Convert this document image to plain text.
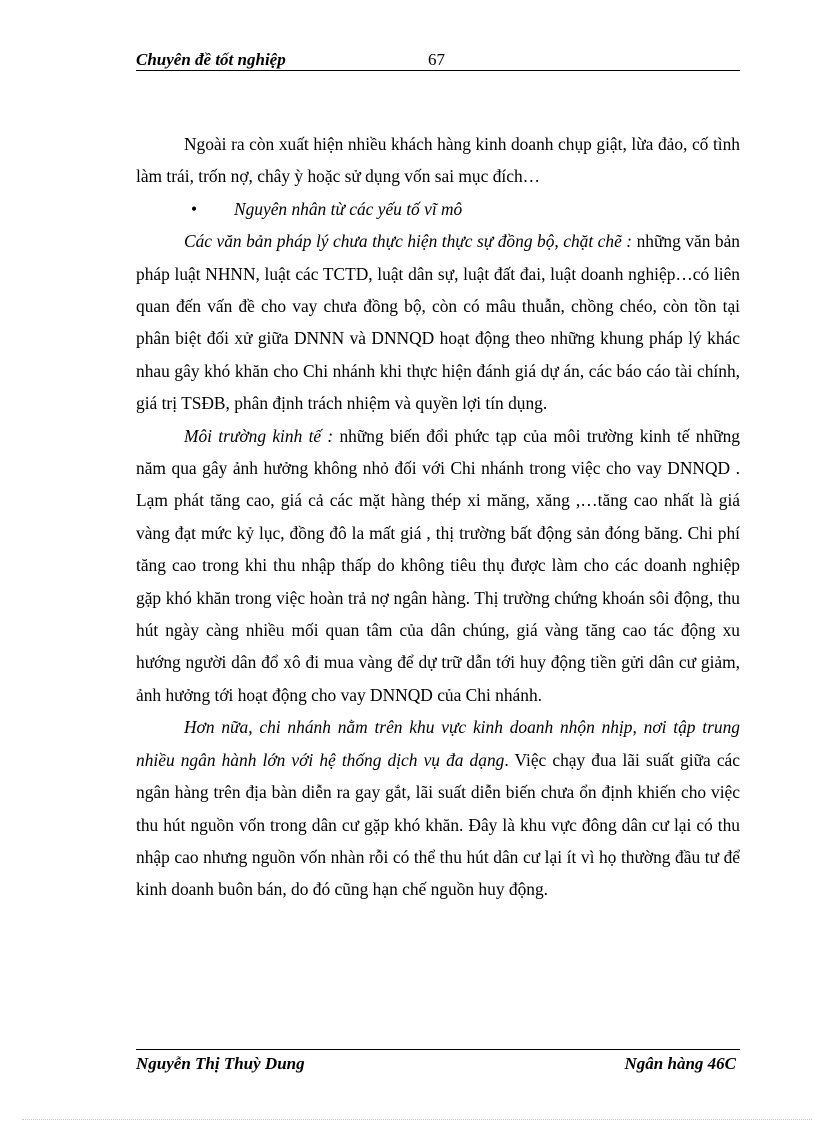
Chuyên đề tốt nghiệp	67

Ngoài ra còn xuất hiện nhiều khách hàng kinh doanh chụp giật, lừa đảo, cố tình làm trái, trốn nợ, chây ỳ hoặc sử dụng vốn sai mục đích…

• Nguyên nhân từ các yếu tố vĩ mô

Các văn bản pháp lý chưa thực hiện thực sự đồng bộ, chặt chẽ : những văn bản pháp luật NHNN, luật các TCTD, luật dân sự, luật đất đai, luật doanh nghiệp…có liên quan đến vấn đề cho vay chưa đồng bộ, còn có mâu thuẫn, chồng chéo, còn tồn tại phân biệt đối xử giữa DNNN và DNNQD hoạt động theo những khung pháp lý khác nhau gây khó khăn cho Chi nhánh khi thực hiện đánh giá dự án, các báo cáo tài chính, giá trị TSĐB, phân định trách nhiệm và quyền lợi tín dụng.

Môi trường kinh tế : những biến đổi phức tạp của môi trường kinh tế những năm qua gây ảnh hưởng không nhỏ đối với Chi nhánh trong việc cho vay DNNQD . Lạm phát tăng cao, giá cả các mặt hàng thép xi măng, xăng ,…tăng cao nhất là giá vàng đạt mức kỷ lục, đồng đô la mất giá , thị trường bất động sản đóng băng. Chi phí tăng cao trong khi thu nhập thấp do không tiêu thụ được làm cho các doanh nghiệp gặp khó khăn trong việc hoàn trả nợ ngân hàng. Thị trường chứng khoán sôi động, thu hút ngày càng nhiều mối quan tâm của dân chúng, giá vàng tăng cao tác động xu hướng người dân đổ xô đi mua vàng để dự trữ dẫn tới huy động tiền gửi dân cư giảm, ảnh hưởng tới hoạt động cho vay DNNQD của Chi nhánh.

Hơn nữa, chi nhánh nằm trên khu vực kinh doanh nhộn nhịp, nơi tập trung nhiều ngân hành lớn với hệ thống dịch vụ đa dạng. Việc chạy đua lãi suất giữa các ngân hàng trên địa bàn diễn ra gay gắt, lãi suất diễn biến chưa ổn định khiến cho việc thu hút nguồn vốn trong dân cư gặp khó khăn. Đây là khu vực đông dân cư lại có thu nhập cao nhưng nguồn vốn nhàn rỗi có thể thu hút dân cư lại ít vì họ thường đầu tư để kinh doanh buôn bán, do đó cũng hạn chế nguồn huy động.

Nguyễn Thị Thuỳ Dung	Ngân hàng 46C
